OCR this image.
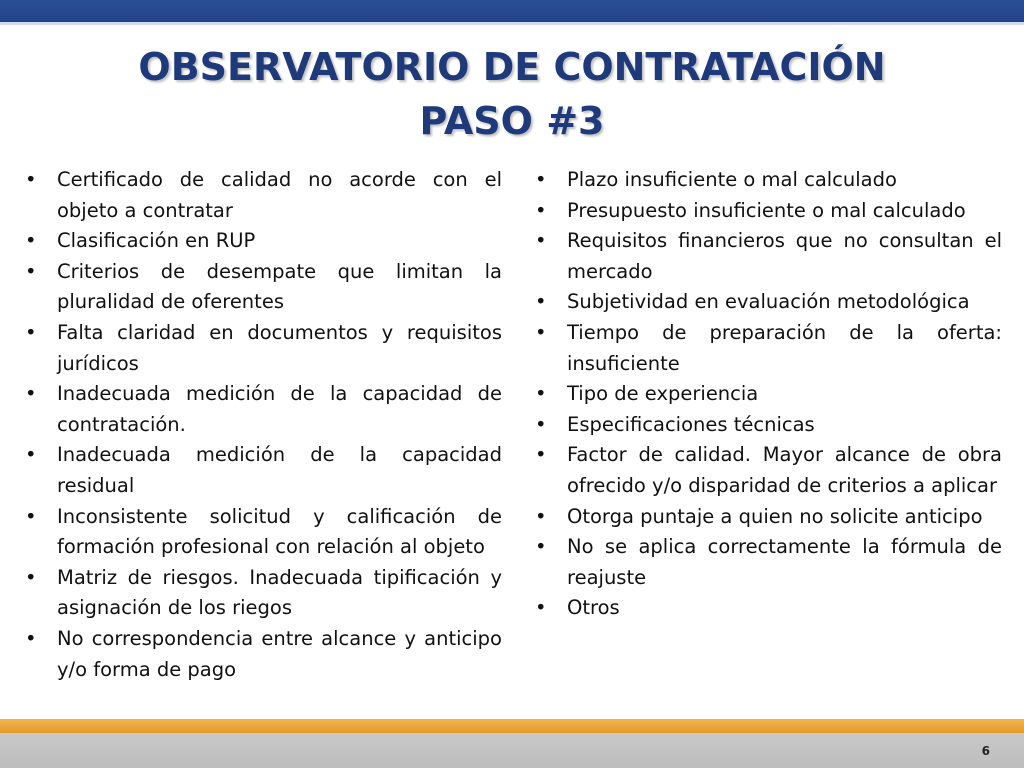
OBSERVATORIO DE CONTRATACIÓN
PASO #3
• Certificado de calidad no acorde con el objeto a contratar
• Clasificación en RUP
• Criterios de desempate que limitan la pluralidad de oferentes
• Falta claridad en documentos y requisitos jurídicos
• Inadecuada medición de la capacidad de contratación.
• Inadecuada medición de la capacidad residual
• Inconsistente solicitud y calificación de formación profesional con relación al objeto
• Matriz de riesgos. Inadecuada tipificación y asignación de los riegos
• No correspondencia entre alcance y anticipo y/o forma de pago
• Plazo insuficiente o mal calculado
• Presupuesto insuficiente o mal calculado
• Requisitos financieros que no consultan el mercado
• Subjetividad en evaluación metodológica
• Tiempo de preparación de la oferta: insuficiente
• Tipo de experiencia
• Especificaciones técnicas
• Factor de calidad. Mayor alcance de obra ofrecido y/o disparidad de criterios a aplicar
• Otorga puntaje a quien no solicite anticipo
• No se aplica correctamente la fórmula de reajuste
• Otros
6
